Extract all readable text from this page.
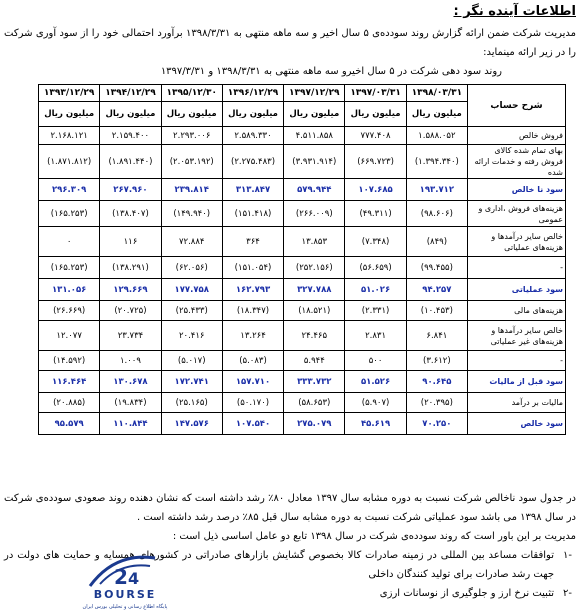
اطلاعات آینده نگر :
مدیریت شرکت ضمن ارائه گزارش روند سودده‌ی ۵ سال اخیر و سه ماهه منتهی به ۱۳۹۸/۳/۳۱ برآورد احتمالی خود را از سود آوری شرکت را در زیر ارائه مینماید:
روند سود دهی شرکت در ۵ سال اخیرو سه ماهه منتهی به ۱۳۹۸/۳/۳۱ و ۱۳۹۷/۳/۳۱
شرح حساب	۱۳۹۸/۰۳/۳۱	۱۳۹۷/۰۳/۳۱	۱۳۹۷/۱۲/۲۹	۱۳۹۶/۱۲/۲۹	۱۳۹۵/۱۲/۳۰	۱۳۹۴/۱۲/۲۹	۱۳۹۳/۱۲/۲۹
	میلیون ریال	میلیون ریال	میلیون ریال	میلیون ریال	میلیون ریال	میلیون ریال	میلیون ریال
فروش خالص	۱.۵۸۸.۰۵۲	۷۷۷.۴۰۸	۴.۵۱۱.۸۵۸	۲.۵۸۹.۳۳۰	۲.۲۹۳.۰۰۶	۲.۱۵۹.۴۰۰	۲.۱۶۸.۱۲۱
بهای تمام شده کالای فروش رفته و خدمات ارائه شده	(۱.۳۹۴.۳۴۰)	(۶۶۹.۷۲۳)	(۳.۹۳۱.۹۱۴)	(۲.۲۷۵.۴۸۳)	(۲.۰۵۳.۱۹۲)	(۱.۸۹۱.۴۴۰)	(۱.۸۷۱.۸۱۲)
سود نا خالص	۱۹۳.۷۱۲	۱۰۷.۶۸۵	۵۷۹.۹۴۴	۳۱۳.۸۴۷	۲۳۹.۸۱۴	۲۶۷.۹۶۰	۲۹۶.۳۰۹
هزینه‌های فروش ،اداری و عمومی	(۹۸.۶۰۶)	(۴۹.۳۱۱)	(۲۶۶.۰۰۹)	(۱۵۱.۴۱۸)	(۱۴۹.۹۴۰)	(۱۳۸.۴۰۷)	(۱۶۵.۲۵۳)
خالص سایر درآمدها و هزینه‌های عملیاتی	(۸۴۹)	(۷.۳۴۸)	۱۳.۸۵۳	۳۶۴	۷۲.۸۸۴	۱۱۶	۰
-	(۹۹.۴۵۵)	(۵۶.۶۵۹)	(۲۵۲.۱۵۶)	(۱۵۱.۰۵۴)	(۶۲.۰۵۶)	(۱۳۸.۲۹۱)	(۱۶۵.۲۵۳)
سود عملیاتی	۹۴.۲۵۷	۵۱.۰۲۶	۳۲۷.۷۸۸	۱۶۲.۷۹۳	۱۷۷.۷۵۸	۱۲۹.۶۶۹	۱۳۱.۰۵۶
هزینه‌های مالی	(۱۰.۴۵۳)	(۲.۳۳۱)	(۱۸.۵۲۱)	(۱۸.۳۴۷)	(۲۵.۴۳۳)	(۲۰.۷۲۵)	(۲۶.۶۶۹)
خالص سایر درآمدها و هزینه‌های غیر عملیاتی	۶.۸۴۱	۲.۸۳۱	۲۴.۴۶۵	۱۳.۲۶۴	۲۰.۴۱۶	۲۳.۷۳۴	۱۲.۰۷۷
-	(۳.۶۱۲)	۵۰۰	۵.۹۴۴	(۵.۰۸۳)	(۵.۰۱۷)	۱.۰۰۹	(۱۴.۵۹۲)
سود قبل از مالیات	۹۰.۶۴۵	۵۱.۵۲۶	۳۳۳.۷۳۲	۱۵۷.۷۱۰	۱۷۲.۷۴۱	۱۳۰.۶۷۸	۱۱۶.۴۶۴
مالیات بر درآمد	(۲۰.۳۹۵)	(۵.۹۰۷)	(۵۸.۶۵۳)	(۵۰.۱۷۰)	(۲۵.۱۶۵)	(۱۹.۸۳۴)	(۲۰.۸۸۵)
سود خالص	۷۰.۲۵۰	۴۵.۶۱۹	۲۷۵.۰۷۹	۱۰۷.۵۴۰	۱۴۷.۵۷۶	۱۱۰.۸۴۴	۹۵.۵۷۹

در جدول سود ناخالص شرکت نسبت به دوره مشابه سال ۱۳۹۷ معادل ۸۰٪ رشد داشته است که نشان دهنده روند صعودی سودده‌ی شرکت در سال ۱۳۹۸ می باشد سود عملیاتی شرکت نسبت به دوره مشابه سال قبل ۸۵٪ درصد رشد داشته است .

مدیریت بر این باور است که روند سودده‌ی شرکت در سال ۱۳۹۸ تابع دو عامل اساسی ذیل است :

-۱
توافقات مساعد بین المللی در زمینه صادرات کالا بخصوص گشایش بازارهای صادراتی در کشورهای همسایه و حمایت های دولت در جهت رشد صادرات برای تولید کنندگان داخلی
-۲
تثبیت نرخ ارز و جلوگیری از نوسانات ارزی
2 4
BOURSE
پایگاه اطلاع رسانی و تحلیلی بورس ایران
